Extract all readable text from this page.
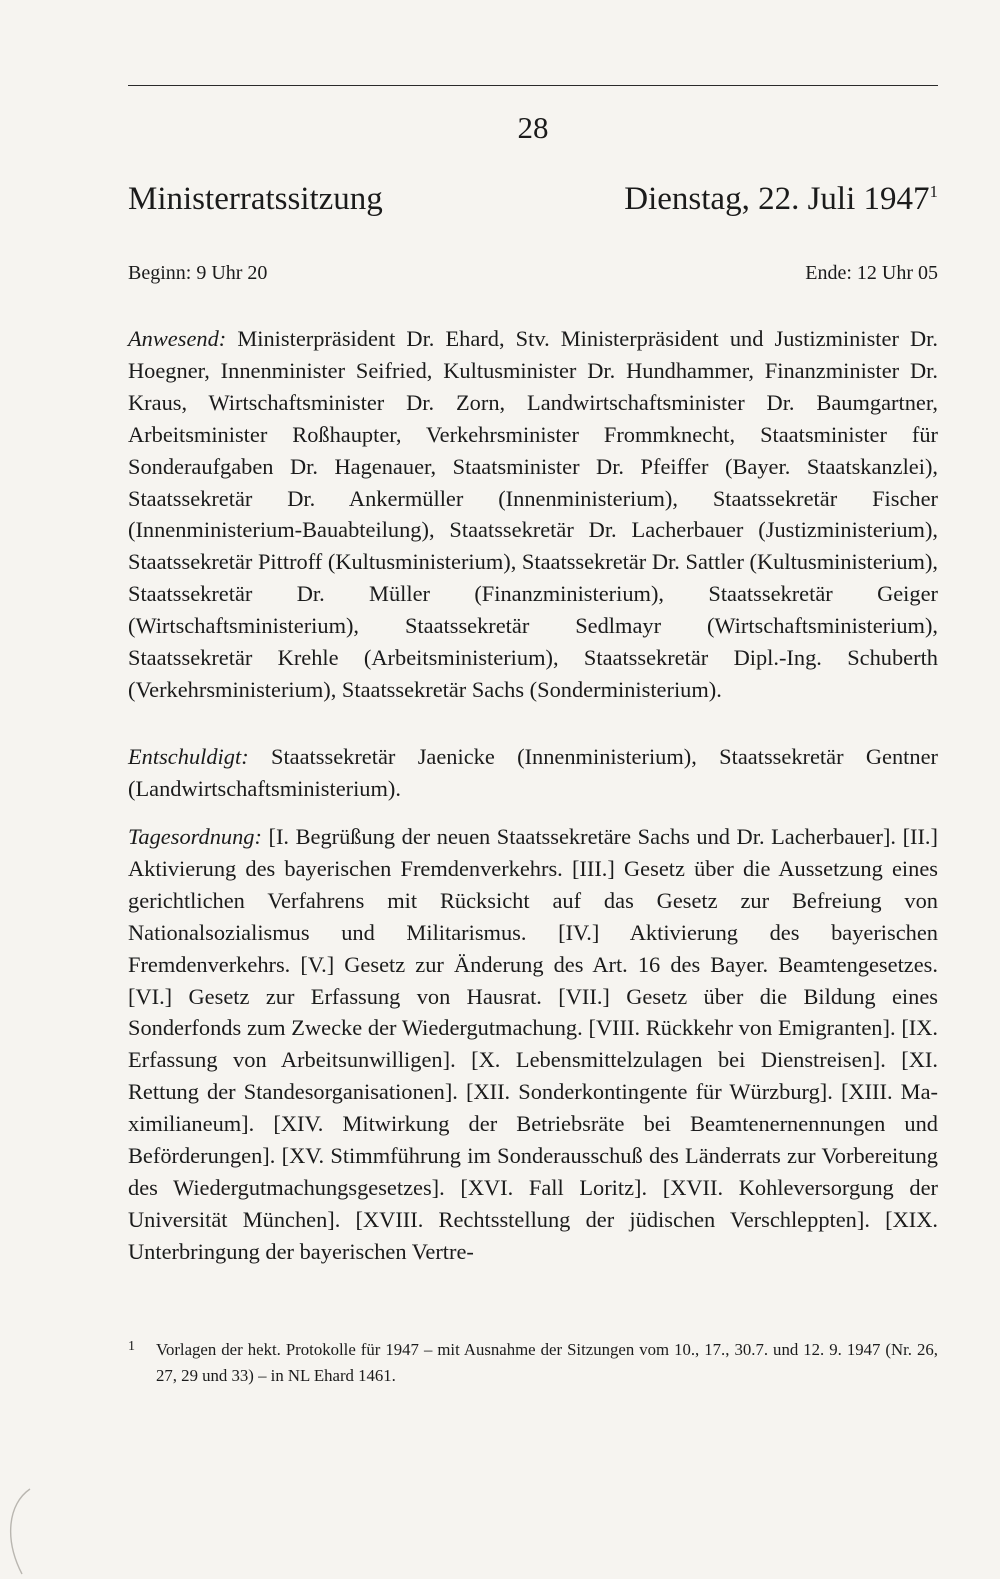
28
Ministerratssitzung	Dienstag, 22. Juli 1947$^1$
Beginn: 9 Uhr 20	Ende: 12 Uhr 05

Anwesend: Ministerpräsident Dr. Ehard, Stv. Ministerpräsident und Justizminister Dr. Hoegner, Innenminister Seifried, Kultusminister Dr. Hundhammer, Finanzminister Dr. Kraus, Wirtschaftsminister Dr. Zorn, Landwirtschaftsminister Dr. Baumgartner, Arbeitsminister Roßhaupter, Verkehrsminister Frommknecht, Staatsminister für Sonderaufgaben Dr. Hagenauer, Staatsminister Dr. Pfeiffer (Bayer. Staatskanzlei), Staatssekretär Dr. Ankermüller (Innenministerium), Staatssekretär Fischer (Innenministerium-Bauabteilung), Staatssekretär Dr. Lacherbauer (Justizministerium), Staatssekretär Pittroff (Kultusministerium), Staatssekretär Dr. Sattler (Kultusministerium), Staatssekretär Dr. Müller (Finanzministerium), Staatssekretär Geiger (Wirtschaftsministerium), Staatssekretär Sedlmayr (Wirtschaftsministerium), Staatssekretär Krehle (Arbeitsministerium), Staatssekretär Dipl.-Ing. Schuberth (Verkehrsministerium), Staatssekretär Sachs (Sonderministerium).

Entschuldigt: Staatssekretär Jaenicke (Innenministerium), Staatssekretär Gentner (Landwirtschaftsministerium).

Tagesordnung: [I. Begrüßung der neuen Staatssekretäre Sachs und Dr. Lacherbauer]. [II.] Aktivierung des bayerischen Fremdenverkehrs. [III.] Gesetz über die Aussetzung eines gerichtlichen Verfahrens mit Rücksicht auf das Gesetz zur Befreiung von Nationalsozialismus und Militarismus. [IV.] Aktivierung des bayerischen Fremdenverkehrs. [V.] Gesetz zur Änderung des Art. 16 des Bayer. Beamtengesetzes. [VI.] Gesetz zur Erfassung von Hausrat. [VII.] Gesetz über die Bildung eines Sonderfonds zum Zwecke der Wiedergutmachung. [VIII. Rückkehr von Emigranten]. [IX. Erfassung von Arbeitsunwilligen]. [X. Lebensmittelzulagen bei Dienstreisen]. [XI. Rettung der Standesorganisationen]. [XII. Sonderkontingente für Würzburg]. [XIII. Maximilianeum]. [XIV. Mitwirkung der Betriebsräte bei Beamtenernennungen und Beförderungen]. [XV. Stimmführung im Sonderausschuß des Länderrats zur Vorbereitung des Wiedergutmachungsgesetzes]. [XVI. Fall Loritz]. [XVII. Kohleversorgung der Universität München]. [XVIII. Rechtsstellung der jüdischen Verschleppten]. [XIX. Unterbringung der bayerischen Vertre-

1 Vorlagen der hekt. Protokolle für 1947 – mit Ausnahme der Sitzungen vom 10., 17., 30.7. und 12. 9. 1947 (Nr. 26, 27, 29 und 33) – in NL Ehard 1461.
